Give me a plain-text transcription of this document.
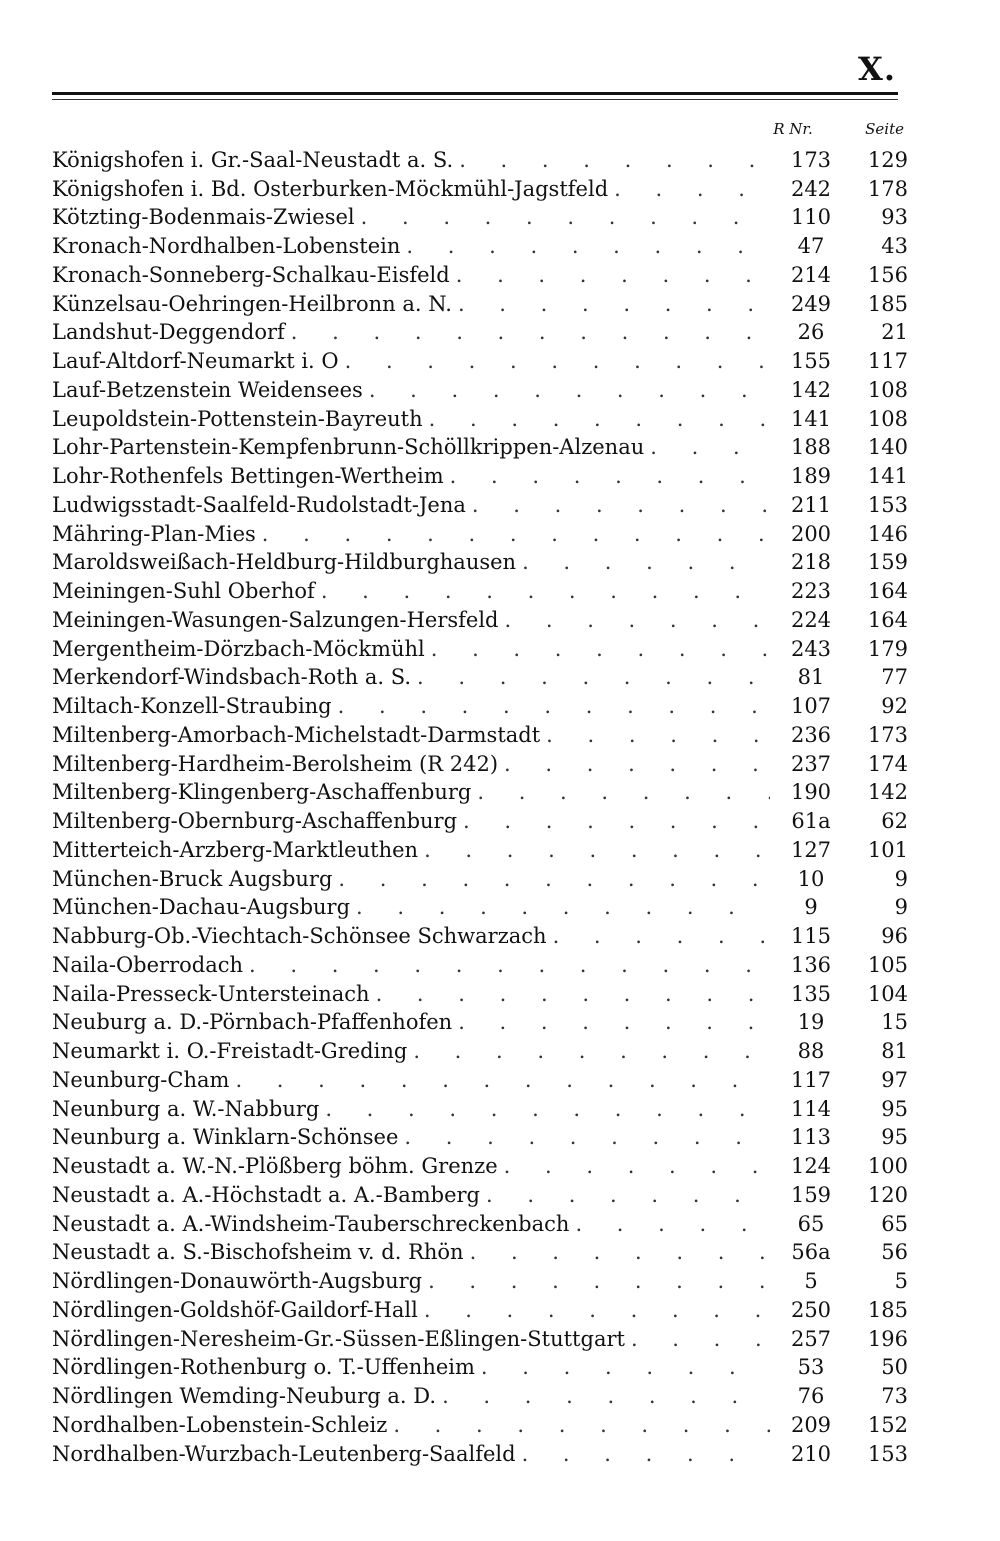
X.
R Nr.	Seite
Königshofen i. Gr.-Saal-Neustadt a. S. . . .	173	129
Königshofen i. Bd. Osterburken-Möckmühl-Jagstfeld . . .	242	178
Kötzting-Bodenmais-Zwiesel . . .	110	93
Kronach-Nordhalben-Lobenstein . . .	47	43
Kronach-Sonneberg-Schalkau-Eisfeld . . .	214	156
Künzelsau-Oehringen-Heilbronn a. N. . . .	249	185
Landshut-Deggendorf . . .	26	21
Lauf-Altdorf-Neumarkt i. O . . .	155	117
Lauf-Betzenstein Weidensees . . .	142	108
Leupoldstein-Pottenstein-Bayreuth . . .	141	108
Lohr-Partenstein-Kempfenbrunn-Schöllkrippen-Alzenau . . .	188	140
Lohr-Rothenfels Bettingen-Wertheim . . .	189	141
Ludwigsstadt-Saalfeld-Rudolstadt-Jena . . .	211	153
Mähring-Plan-Mies . . .	200	146
Maroldsweißach-Heldburg-Hildburghausen . . .	218	159
Meiningen-Suhl Oberhof . . .	223	164
Meiningen-Wasungen-Salzungen-Hersfeld . . .	224	164
Mergentheim-Dörzbach-Möckmühl . . .	243	179
Merkendorf-Windsbach-Roth a. S. . . .	81	77
Miltach-Konzell-Straubing . . .	107	92
Miltenberg-Amorbach-Michelstadt-Darmstadt . . .	236	173
Miltenberg-Hardheim-Berolsheim (R 242) . . .	237	174
Miltenberg-Klingenberg-Aschaffenburg . . .	190	142
Miltenberg-Obernburg-Aschaffenburg . . .	61a	62
Mitterteich-Arzberg-Marktleuthen . . .	127	101
München-Bruck Augsburg . . .	10	9
München-Dachau-Augsburg . . .	9	9
Nabburg-Ob.-Viechtach-Schönsee Schwarzach . . .	115	96
Naila-Oberrodach . . .	136	105
Naila-Presseck-Untersteinach . . .	135	104
Neuburg a. D.-Pörnbach-Pfaffenhofen . . .	19	15
Neumarkt i. O.-Freistadt-Greding . . .	88	81
Neunburg-Cham . . .	117	97
Neunburg a. W.-Nabburg . . .	114	95
Neunburg a. Winklarn-Schönsee . . .	113	95
Neustadt a. W.-N.-Plößberg böhm. Grenze . . .	124	100
Neustadt a. A.-Höchstadt a. A.-Bamberg . . .	159	120
Neustadt a. A.-Windsheim-Tauberschreckenbach . . .	65	65
Neustadt a. S.-Bischofsheim v. d. Rhön . . .	56a	56
Nördlingen-Donauwörth-Augsburg . . .	5	5
Nördlingen-Goldshöf-Gaildorf-Hall . . .	250	185
Nördlingen-Neresheim-Gr.-Süssen-Eßlingen-Stuttgart . . .	257	196
Nördlingen-Rothenburg o. T.-Uffenheim . . .	53	50
Nördlingen Wemding-Neuburg a. D. . . .	76	73
Nordhalben-Lobenstein-Schleiz . . .	209	152
Nordhalben-Wurzbach-Leutenberg-Saalfeld . . .	210	153
